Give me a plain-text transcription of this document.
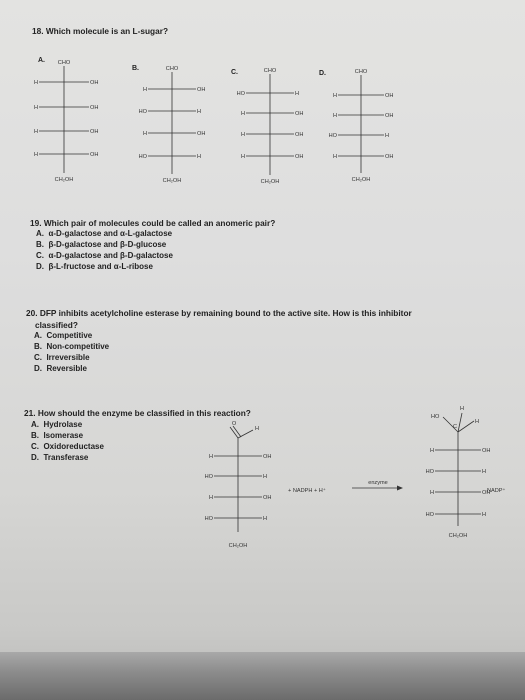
18. Which molecule is an L-sugar?
A. CHO
H	OH
H	OH
H	OH
H	OH
CH₂OH
B.	CHO
H	OH
HO	H
H	OH
HO	H
CH₂OH
C.	CHO
HO	H
H	OH
H	OH
H	OH
CH₂OH
D.	CHO
H	OH
H	OH
HO	H
H	OH
CH₂OH
19. Which pair of molecules could be called an anomeric pair?
A. α-D-galactose and α-L-galactose
B. β-D-galactose and β-D-glucose
C. α-D-galactose and β-D-galactose
D. β-L-fructose and α-L-ribose
20. DFP inhibits acetylcholine esterase by remaining bound to the active site. How is this inhibitor
classified?
A. Competitive
B. Non-competitive
C. Irreversible
D. Reversible
21. How should the enzyme be classified in this reaction?
A. Hydrolase
B. Isomerase
C. Oxidoreductase
D. Transferase
O
H
H	OH
HO	H
H	OH
HO	H
CH₂OH
+ NADPH + H⁺
enzyme
HO
H
H
C
H	OH
HO	H
H	OH
HO	H
CH₂OH
NADP⁺
